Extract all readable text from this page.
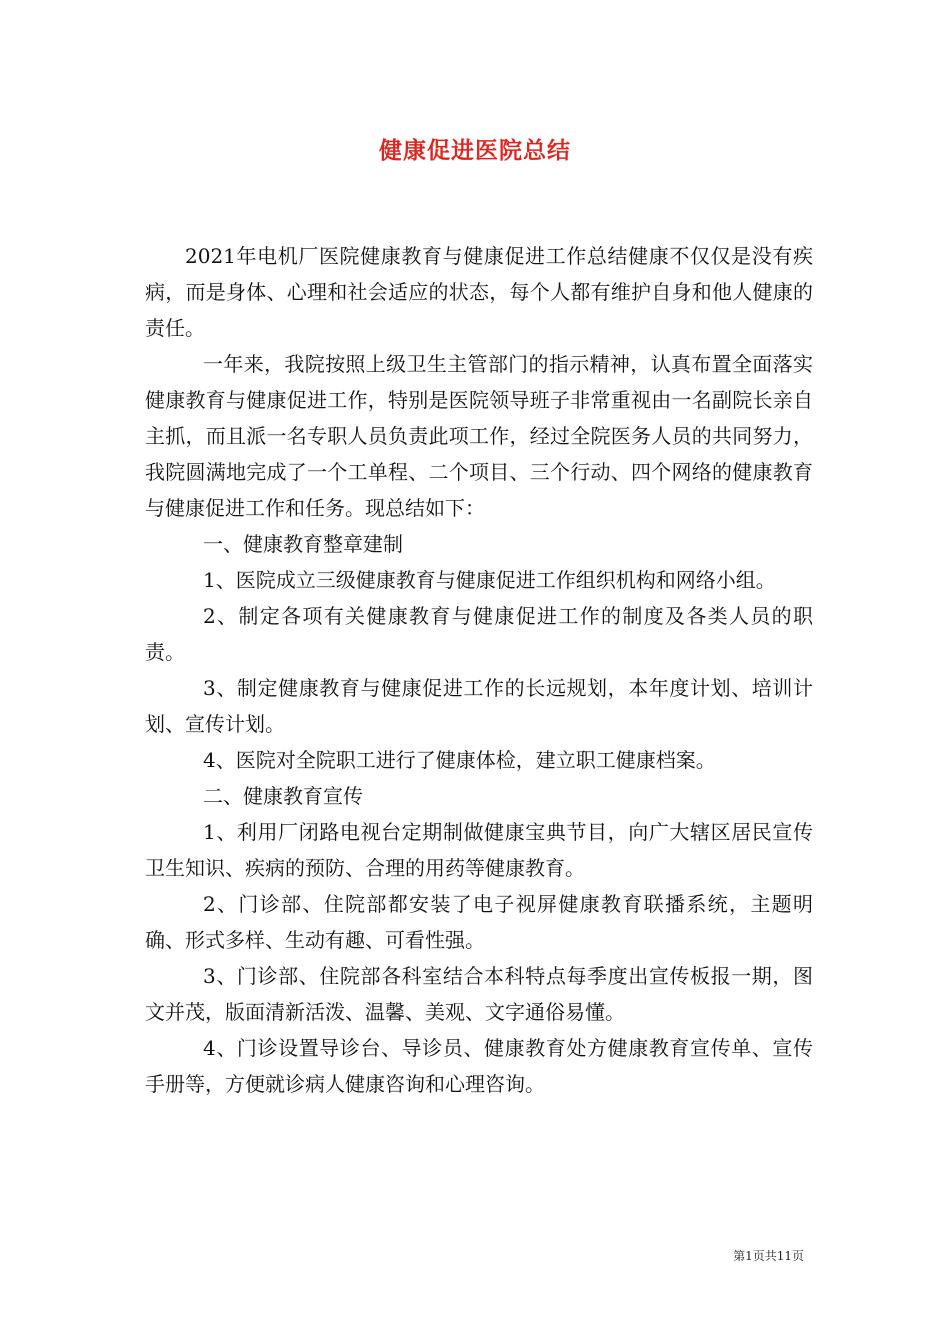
健康促进医院总结

2021年电机厂医院健康教育与健康促进工作总结健康不仅仅是没有疾病，而是身体、心理和社会适应的状态，每个人都有维护自身和他人健康的责任。

一年来，我院按照上级卫生主管部门的指示精神，认真布置全面落实健康教育与健康促进工作，特别是医院领导班子非常重视由一名副院长亲自主抓，而且派一名专职人员负责此项工作，经过全院医务人员的共同努力，我院圆满地完成了一个工单程、二个项目、三个行动、四个网络的健康教育与健康促进工作和任务。现总结如下：

一、健康教育整章建制

1、医院成立三级健康教育与健康促进工作组织机构和网络小组。

2、制定各项有关健康教育与健康促进工作的制度及各类人员的职责。

3、制定健康教育与健康促进工作的长远规划，本年度计划、培训计划、宣传计划。

4、医院对全院职工进行了健康体检，建立职工健康档案。

二、健康教育宣传

1、利用厂闭路电视台定期制做健康宝典节目，向广大辖区居民宣传卫生知识、疾病的预防、合理的用药等健康教育。

2、门诊部、住院部都安装了电子视屏健康教育联播系统，主题明确、形式多样、生动有趣、可看性强。

3、门诊部、住院部各科室结合本科特点每季度出宣传板报一期，图文并茂，版面清新活泼、温馨、美观、文字通俗易懂。

4、门诊设置导诊台、导诊员、健康教育处方健康教育宣传单、宣传手册等，方便就诊病人健康咨询和心理咨询。

第1页共11页
